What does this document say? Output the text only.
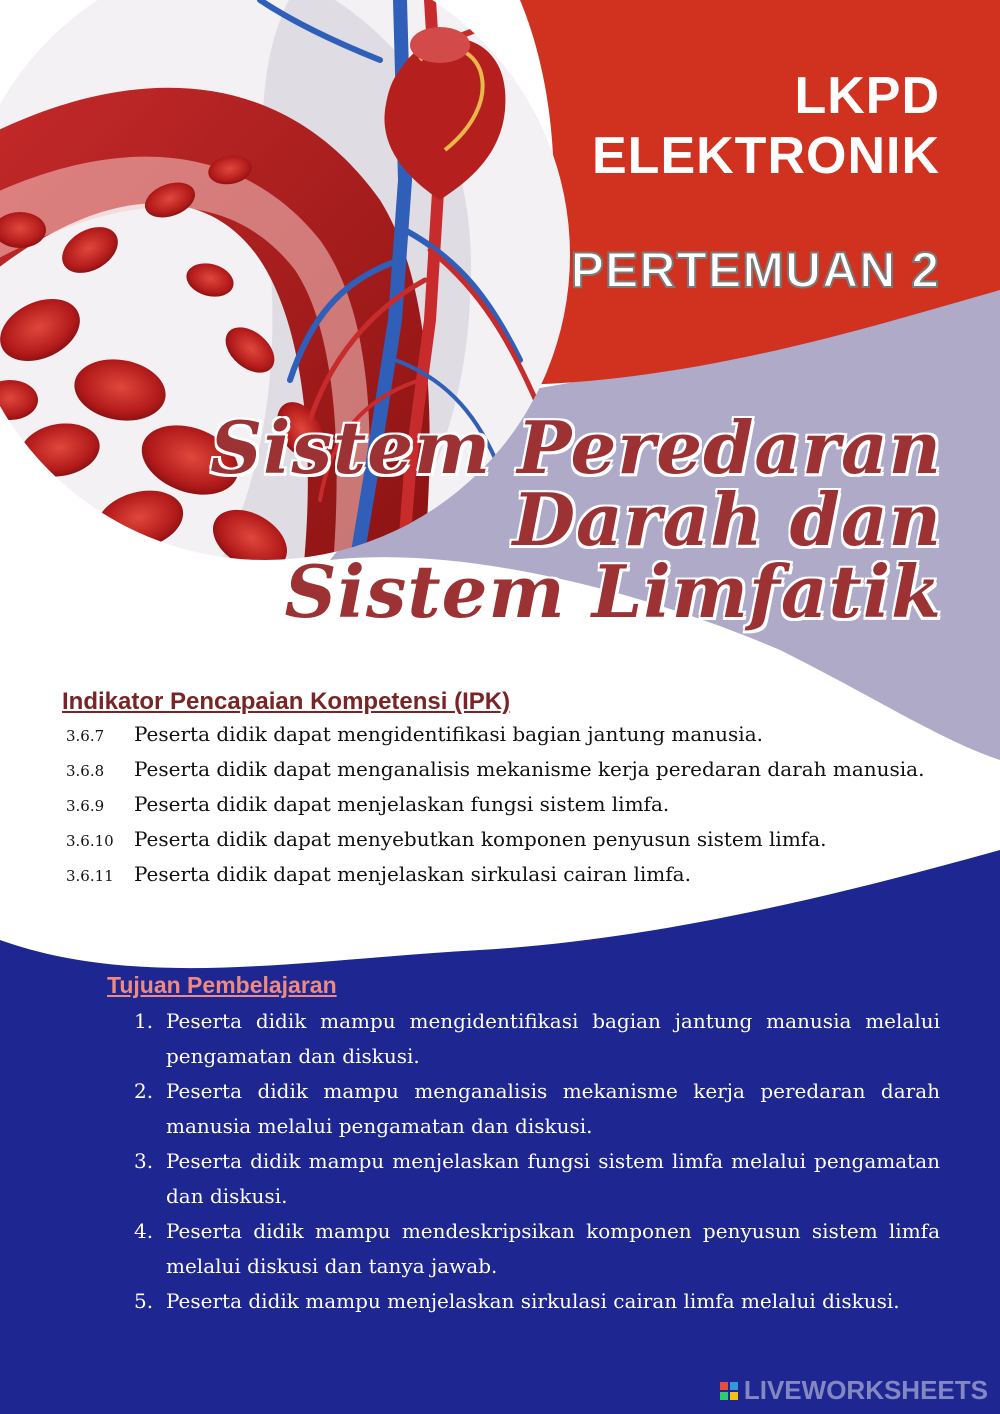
LKPD
ELEKTRONIK
PERTEMUAN 2
Sistem Peredaran
Darah dan
Sistem Limfatik
Indikator Pencapaian Kompetensi (IPK)
3.6.7	Peserta didik dapat mengidentifikasi bagian jantung manusia.
3.6.8	Peserta didik dapat menganalisis mekanisme kerja peredaran darah manusia.
3.6.9	Peserta didik dapat menjelaskan fungsi sistem limfa.
3.6.10	Peserta didik dapat menyebutkan komponen penyusun sistem limfa.
3.6.11	Peserta didik dapat menjelaskan sirkulasi cairan limfa.
Tujuan Pembelajaran
1. Peserta didik mampu mengidentifikasi bagian jantung manusia melalui pengamatan dan diskusi.
2. Peserta didik mampu menganalisis mekanisme kerja peredaran darah manusia melalui pengamatan dan diskusi.
3. Peserta didik mampu menjelaskan fungsi sistem limfa melalui pengamatan dan diskusi.
4. Peserta didik mampu mendeskripsikan komponen penyusun sistem limfa melalui diskusi dan tanya jawab.
5. Peserta didik mampu menjelaskan sirkulasi cairan limfa melalui diskusi.
LIVEWORKSHEETS
